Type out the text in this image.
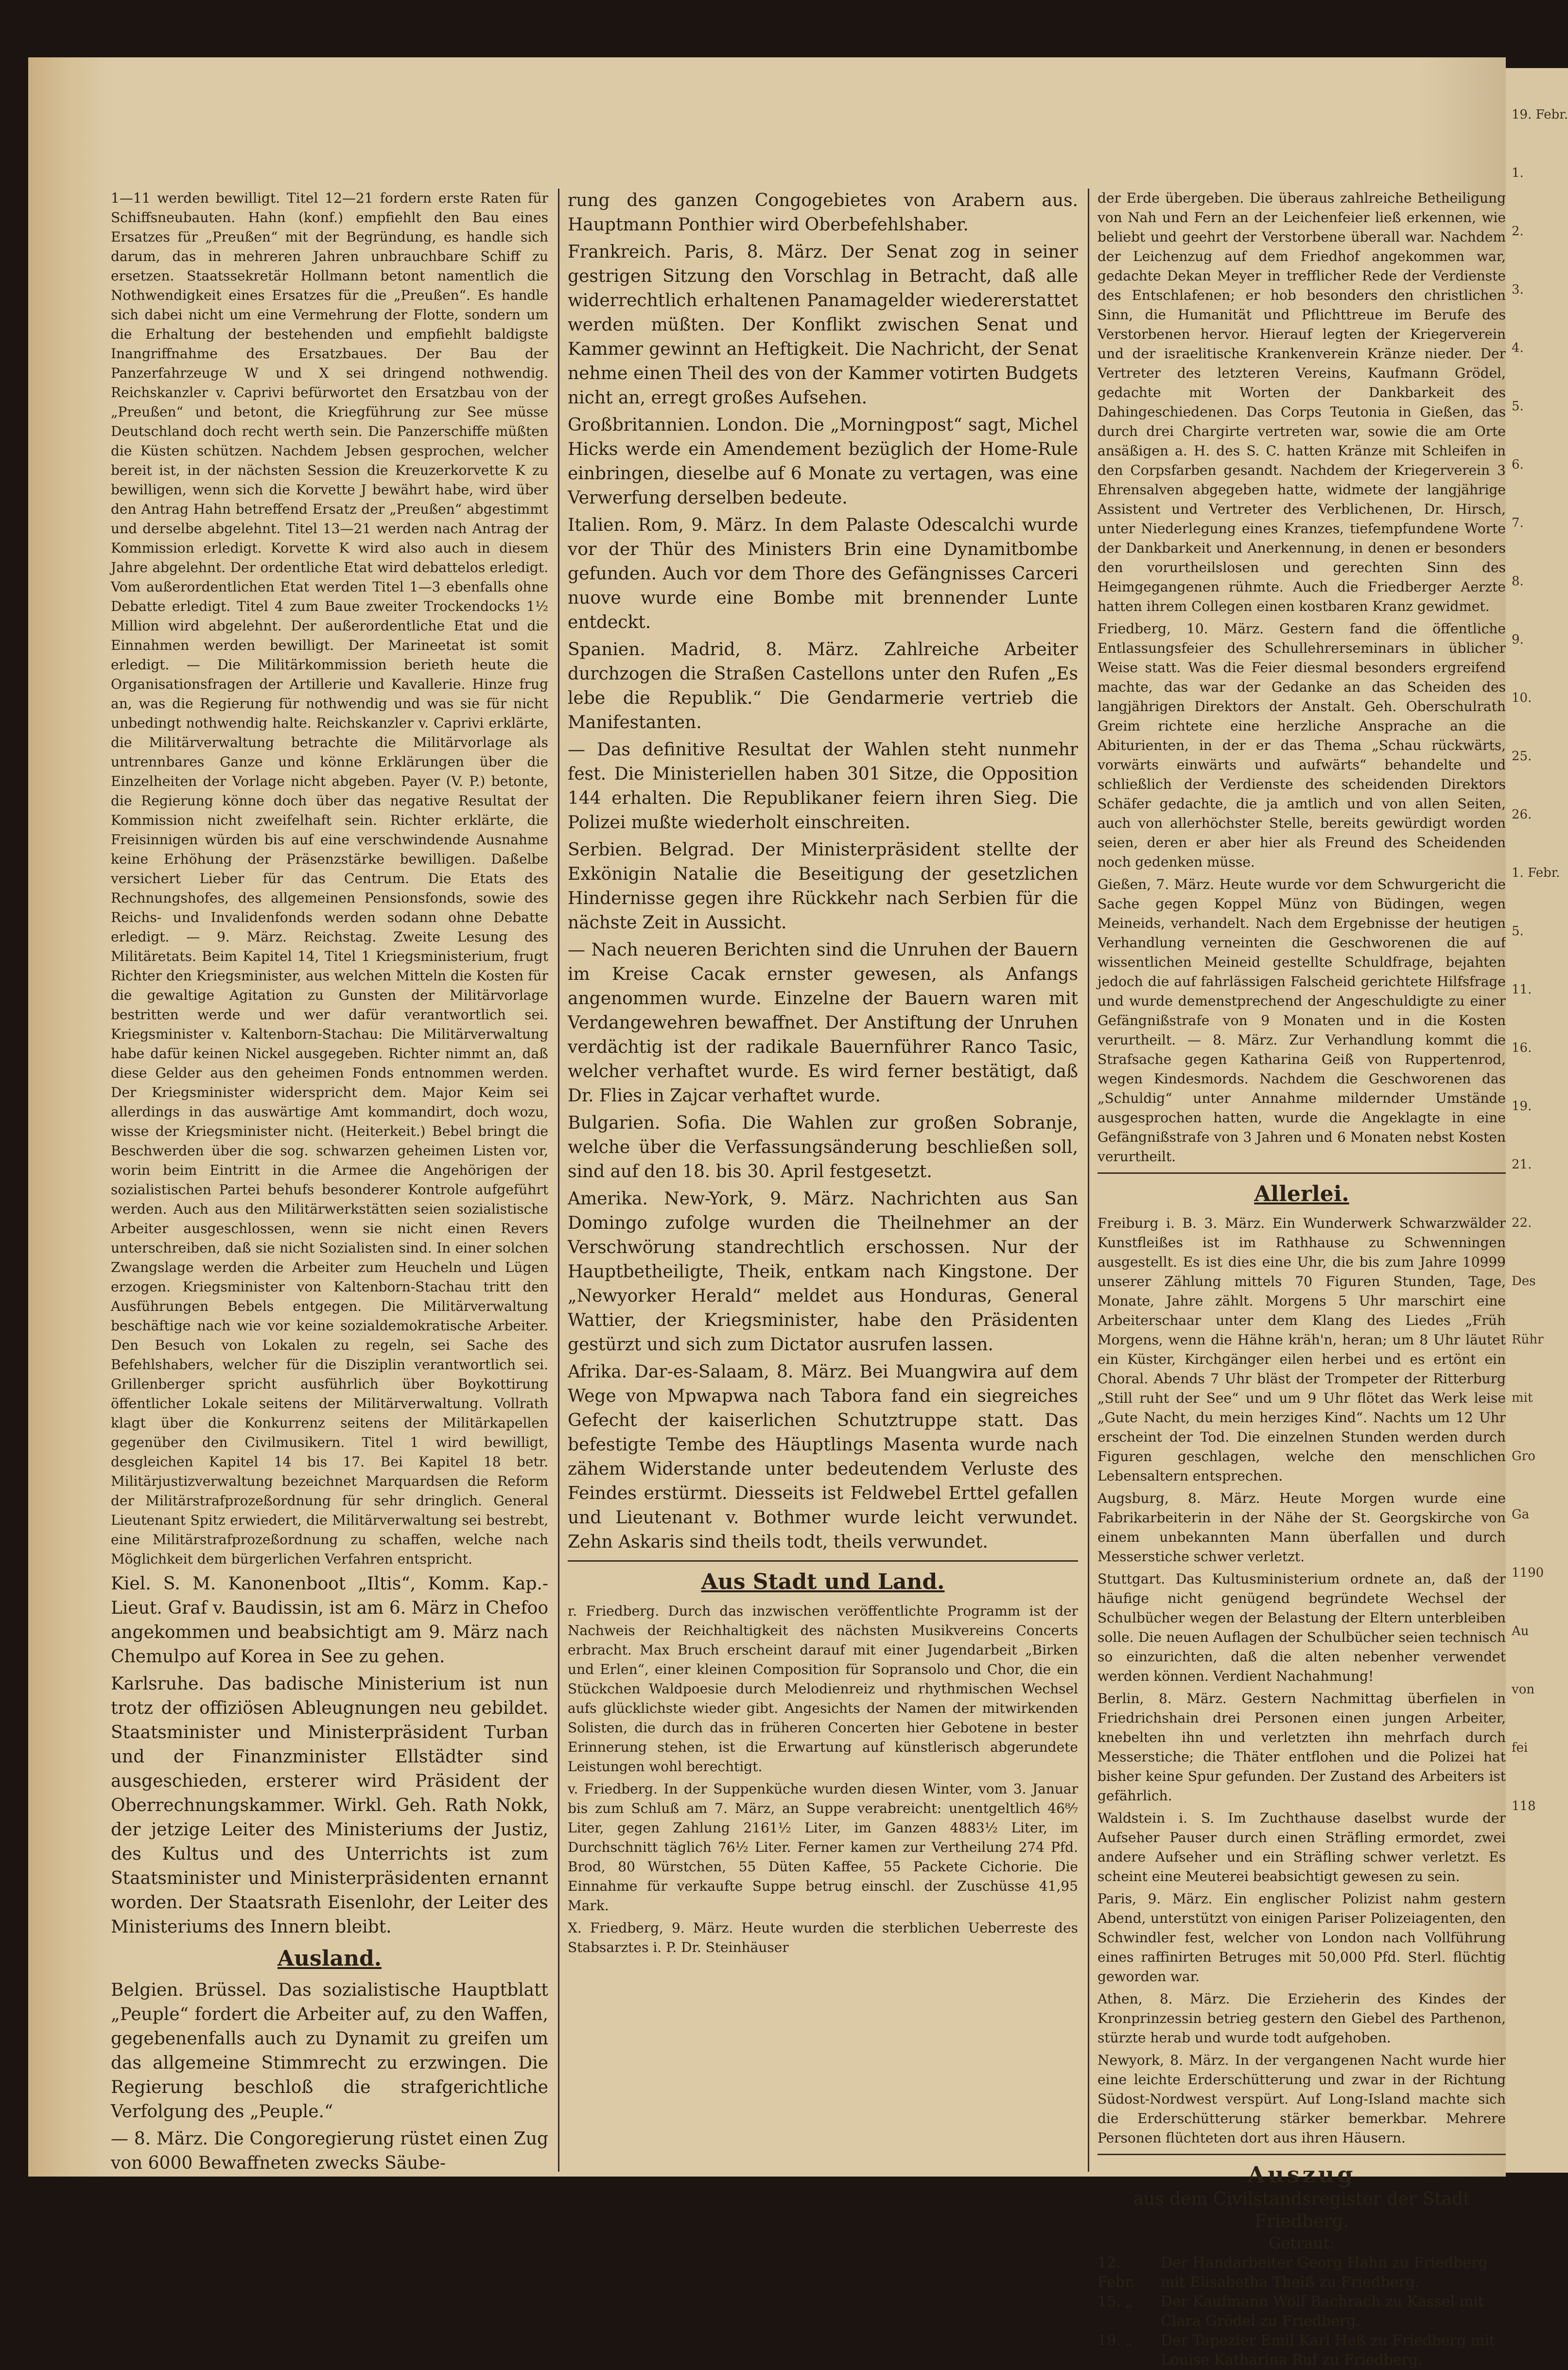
1—11 werden bewilligt. Titel 12—21 fordern erste Raten für Schiffsneubauten. Hahn (konf.) empfiehlt den Bau eines Ersatzes für „Preußen“ mit der Begründung, es handle sich darum, das in mehreren Jahren unbrauchbare Schiff zu ersetzen. Staatssekretär Hollmann betont namentlich die Nothwendigkeit eines Ersatzes für die „Preußen“. Es handle sich dabei nicht um eine Vermehrung der Flotte, sondern um die Erhaltung der bestehenden und empfiehlt baldigste Inangriffnahme des Ersatzbaues. Der Bau der Panzerfahrzeuge W und X sei dringend nothwendig. Reichskanzler v. Caprivi befürwortet den Ersatzbau von der „Preußen“ und betont, die Kriegführung zur See müsse Deutschland doch recht werth sein. Die Panzerschiffe müßten die Küsten schützen. Nachdem Jebsen gesprochen, welcher bereit ist, in der nächsten Session die Kreuzerkorvette K zu bewilligen, wenn sich die Korvette J bewährt habe, wird über den Antrag Hahn betreffend Ersatz der „Preußen“ abgestimmt und derselbe abgelehnt. Titel 13—21 werden nach Antrag der Kommission erledigt. Korvette K wird also auch in diesem Jahre abgelehnt. Der ordentliche Etat wird debattelos erledigt. Vom außerordentlichen Etat werden Titel 1—3 ebenfalls ohne Debatte erledigt. Titel 4 zum Baue zweiter Trockendocks 1½ Million wird abgelehnt. Der außerordentliche Etat und die Einnahmen werden bewilligt. Der Marineetat ist somit erledigt. — Die Militärkommission berieth heute die Organisationsfragen der Artillerie und Kavallerie. Hinze frug an, was die Regierung für nothwendig und was sie für nicht unbedingt nothwendig halte. Reichskanzler v. Caprivi erklärte, die Militärverwaltung betrachte die Militärvorlage als untrennbares Ganze und könne Erklärungen über die Einzelheiten der Vorlage nicht abgeben. Payer (V. P.) betonte, die Regierung könne doch über das negative Resultat der Kommission nicht zweifelhaft sein. Richter erklärte, die Freisinnigen würden bis auf eine verschwindende Ausnahme keine Erhöhung der Präsenzstärke bewilligen. Daßelbe versichert Lieber für das Centrum. Die Etats des Rechnungshofes, des allgemeinen Pensionsfonds, sowie des Reichs- und Invalidenfonds werden sodann ohne Debatte erledigt. — 9. März. Reichstag. Zweite Lesung des Militäretats. Beim Kapitel 14, Titel 1 Kriegsministerium, frugt Richter den Kriegsminister, aus welchen Mitteln die Kosten für die gewaltige Agitation zu Gunsten der Militärvorlage bestritten werde und wer dafür verantwortlich sei. Kriegsminister v. Kaltenborn-Stachau: Die Militärverwaltung habe dafür keinen Nickel ausgegeben. Richter nimmt an, daß diese Gelder aus den geheimen Fonds entnommen werden. Der Kriegsminister widerspricht dem. Major Keim sei allerdings in das auswärtige Amt kommandirt, doch wozu, wisse der Kriegsminister nicht. (Heiterkeit.) Bebel bringt die Beschwerden über die sog. schwarzen geheimen Listen vor, worin beim Eintritt in die Armee die Angehörigen der sozialistischen Partei behufs besonderer Kontrole aufgeführt werden. Auch aus den Militärwerkstätten seien sozialistische Arbeiter ausgeschlossen, wenn sie nicht einen Revers unterschreiben, daß sie nicht Sozialisten sind. In einer solchen Zwangslage werden die Arbeiter zum Heucheln und Lügen erzogen. Kriegsminister von Kaltenborn-Stachau tritt den Ausführungen Bebels entgegen. Die Militärverwaltung beschäftige nach wie vor keine sozialdemokratische Arbeiter. Den Besuch von Lokalen zu regeln, sei Sache des Befehlshabers, welcher für die Disziplin verantwortlich sei. Grillenberger spricht ausführlich über Boykottirung öffentlicher Lokale seitens der Militärverwaltung. Vollrath klagt über die Konkurrenz seitens der Militärkapellen gegenüber den Civilmusikern. Titel 1 wird bewilligt, desgleichen Kapitel 14 bis 17. Bei Kapitel 18 betr. Militärjustizverwaltung bezeichnet Marquardsen die Reform der Militärstrafprozeßordnung für sehr dringlich. General Lieutenant Spitz erwiedert, die Militärverwaltung sei bestrebt, eine Militärstrafprozeßordnung zu schaffen, welche nach Möglichkeit dem bürgerlichen Verfahren entspricht.

Kiel. S. M. Kanonenboot „Iltis“, Komm. Kap.-Lieut. Graf v. Baudissin, ist am 6. März in Chefoo angekommen und beabsichtigt am 9. März nach Chemulpo auf Korea in See zu gehen.

Karlsruhe. Das badische Ministerium ist nun trotz der offiziösen Ableugnungen neu gebildet. Staatsminister und Ministerpräsident Turban und der Finanzminister Ellstädter sind ausgeschieden, ersterer wird Präsident der Oberrechnungskammer. Wirkl. Geh. Rath Nokk, der jetzige Leiter des Ministeriums der Justiz, des Kultus und des Unterrichts ist zum Staatsminister und Ministerpräsidenten ernannt worden. Der Staatsrath Eisenlohr, der Leiter des Ministeriums des Innern bleibt.

Ausland.

Belgien. Brüssel. Das sozialistische Hauptblatt „Peuple“ fordert die Arbeiter auf, zu den Waffen, gegebenenfalls auch zu Dynamit zu greifen um das allgemeine Stimmrecht zu erzwingen. Die Regierung beschloß die strafgerichtliche Verfolgung des „Peuple.“

— 8. März. Die Congoregierung rüstet einen Zug von 6000 Bewaffneten zwecks Säube-

rung des ganzen Congogebietes von Arabern aus. Hauptmann Ponthier wird Oberbefehlshaber.

Frankreich. Paris, 8. März. Der Senat zog in seiner gestrigen Sitzung den Vorschlag in Betracht, daß alle widerrechtlich erhaltenen Panamagelder wiedererstattet werden müßten. Der Konflikt zwischen Senat und Kammer gewinnt an Heftigkeit. Die Nachricht, der Senat nehme einen Theil des von der Kammer votirten Budgets nicht an, erregt großes Aufsehen.

Großbritannien. London. Die „Morningpost“ sagt, Michel Hicks werde ein Amendement bezüglich der Home-Rule einbringen, dieselbe auf 6 Monate zu vertagen, was eine Verwerfung derselben bedeute.

Italien. Rom, 9. März. In dem Palaste Odescalchi wurde vor der Thür des Ministers Brin eine Dynamitbombe gefunden. Auch vor dem Thore des Gefängnisses Carceri nuove wurde eine Bombe mit brennender Lunte entdeckt.

Spanien. Madrid, 8. März. Zahlreiche Arbeiter durchzogen die Straßen Castellons unter den Rufen „Es lebe die Republik.“ Die Gendarmerie vertrieb die Manifestanten.

— Das definitive Resultat der Wahlen steht nunmehr fest. Die Ministeriellen haben 301 Sitze, die Opposition 144 erhalten. Die Republikaner feiern ihren Sieg. Die Polizei mußte wiederholt einschreiten.

Serbien. Belgrad. Der Ministerpräsident stellte der Exkönigin Natalie die Beseitigung der gesetzlichen Hindernisse gegen ihre Rückkehr nach Serbien für die nächste Zeit in Aussicht.

— Nach neueren Berichten sind die Unruhen der Bauern im Kreise Cacak ernster gewesen, als Anfangs angenommen wurde. Einzelne der Bauern waren mit Verdangewehren bewaffnet. Der Anstiftung der Unruhen verdächtig ist der radikale Bauernführer Ranco Tasic, welcher verhaftet wurde. Es wird ferner bestätigt, daß Dr. Flies in Zajcar verhaftet wurde.

Bulgarien. Sofia. Die Wahlen zur großen Sobranje, welche über die Verfassungsänderung beschließen soll, sind auf den 18. bis 30. April festgesetzt.

Amerika. New-York, 9. März. Nachrichten aus San Domingo zufolge wurden die Theilnehmer an der Verschwörung standrechtlich erschossen. Nur der Hauptbetheiligte, Theik, entkam nach Kingstone. Der „Newyorker Herald“ meldet aus Honduras, General Wattier, der Kriegsminister, habe den Präsidenten gestürzt und sich zum Dictator ausrufen lassen.

Afrika. Dar-es-Salaam, 8. März. Bei Muangwira auf dem Wege von Mpwapwa nach Tabora fand ein siegreiches Gefecht der kaiserlichen Schutztruppe statt. Das befestigte Tembe des Häuptlings Masenta wurde nach zähem Widerstande unter bedeutendem Verluste des Feindes erstürmt. Diesseits ist Feldwebel Erttel gefallen und Lieutenant v. Bothmer wurde leicht verwundet. Zehn Askaris sind theils todt, theils verwundet.

Aus Stadt und Land.

r. Friedberg. Durch das inzwischen veröffentlichte Programm ist der Nachweis der Reichhaltigkeit des nächsten Musikvereins Concerts erbracht. Max Bruch erscheint darauf mit einer Jugendarbeit „Birken und Erlen“, einer kleinen Composition für Sopransolo und Chor, die ein Stückchen Waldpoesie durch Melodienreiz und rhythmischen Wechsel aufs glücklichste wieder gibt. Angesichts der Namen der mitwirkenden Solisten, die durch das in früheren Concerten hier Gebotene in bester Erinnerung stehen, ist die Erwartung auf künstlerisch abgerundete Leistungen wohl berechtigt.

v. Friedberg. In der Suppenküche wurden diesen Winter, vom 3. Januar bis zum Schluß am 7. März, an Suppe verabreicht: unentgeltlich 46⁸⁄₇ Liter, gegen Zahlung 2161½ Liter, im Ganzen 4883½ Liter, im Durchschnitt täglich 76½ Liter. Ferner kamen zur Vertheilung 274 Pfd. Brod, 80 Würstchen, 55 Düten Kaffee, 55 Packete Cichorie. Die Einnahme für verkaufte Suppe betrug einschl. der Zuschüsse 41,95 Mark.

X. Friedberg, 9. März. Heute wurden die sterblichen Ueberreste des Stabsarztes i. P. Dr. Steinhäuser

der Erde übergeben. Die überaus zahlreiche Betheiligung von Nah und Fern an der Leichenfeier ließ erkennen, wie beliebt und geehrt der Verstorbene überall war. Nachdem der Leichenzug auf dem Friedhof angekommen war, gedachte Dekan Meyer in trefflicher Rede der Verdienste des Entschlafenen; er hob besonders den christlichen Sinn, die Humanität und Pflichttreue im Berufe des Verstorbenen hervor. Hierauf legten der Kriegerverein und der israelitische Krankenverein Kränze nieder. Der Vertreter des letzteren Vereins, Kaufmann Grödel, gedachte mit Worten der Dankbarkeit des Dahingeschiedenen. Das Corps Teutonia in Gießen, das durch drei Chargirte vertreten war, sowie die am Orte ansäßigen a. H. des S. C. hatten Kränze mit Schleifen in den Corpsfarben gesandt. Nachdem der Kriegerverein 3 Ehrensalven abgegeben hatte, widmete der langjährige Assistent und Vertreter des Verblichenen, Dr. Hirsch, unter Niederlegung eines Kranzes, tiefempfundene Worte der Dankbarkeit und Anerkennung, in denen er besonders den vorurtheilslosen und gerechten Sinn des Heimgegangenen rühmte. Auch die Friedberger Aerzte hatten ihrem Collegen einen kostbaren Kranz gewidmet.

Friedberg, 10. März. Gestern fand die öffentliche Entlassungsfeier des Schullehrerseminars in üblicher Weise statt. Was die Feier diesmal besonders ergreifend machte, das war der Gedanke an das Scheiden des langjährigen Direktors der Anstalt. Geh. Oberschulrath Greim richtete eine herzliche Ansprache an die Abiturienten, in der er das Thema „Schau rückwärts, vorwärts einwärts und aufwärts“ behandelte und schließlich der Verdienste des scheidenden Direktors Schäfer gedachte, die ja amtlich und von allen Seiten, auch von allerhöchster Stelle, bereits gewürdigt worden seien, deren er aber hier als Freund des Scheidenden noch gedenken müsse.

Gießen, 7. März. Heute wurde vor dem Schwurgericht die Sache gegen Koppel Münz von Büdingen, wegen Meineids, verhandelt. Nach dem Ergebnisse der heutigen Verhandlung verneinten die Geschworenen die auf wissentlichen Meineid gestellte Schuldfrage, bejahten jedoch die auf fahrlässigen Falscheid gerichtete Hilfsfrage und wurde demenstprechend der Angeschuldigte zu einer Gefängnißstrafe von 9 Monaten und in die Kosten verurtheilt. — 8. März. Zur Verhandlung kommt die Strafsache gegen Katharina Geiß von Ruppertenrod, wegen Kindesmords. Nachdem die Geschworenen das „Schuldig“ unter Annahme mildernder Umstände ausgesprochen hatten, wurde die Angeklagte in eine Gefängnißstrafe von 3 Jahren und 6 Monaten nebst Kosten verurtheilt.

Allerlei.

Freiburg i. B. 3. März. Ein Wunderwerk Schwarzwälder Kunstfleißes ist im Rathhause zu Schwenningen ausgestellt. Es ist dies eine Uhr, die bis zum Jahre 10999 unserer Zählung mittels 70 Figuren Stunden, Tage, Monate, Jahre zählt. Morgens 5 Uhr marschirt eine Arbeiterschaar unter dem Klang des Liedes „Früh Morgens, wenn die Hähne kräh'n, heran; um 8 Uhr läutet ein Küster, Kirchgänger eilen herbei und es ertönt ein Choral. Abends 7 Uhr bläst der Trompeter der Ritterburg „Still ruht der See“ und um 9 Uhr flötet das Werk leise „Gute Nacht, du mein herziges Kind“. Nachts um 12 Uhr erscheint der Tod. Die einzelnen Stunden werden durch Figuren geschlagen, welche den menschlichen Lebensaltern entsprechen.

Augsburg, 8. März. Heute Morgen wurde eine Fabrikarbeiterin in der Nähe der St. Georgskirche von einem unbekannten Mann überfallen und durch Messerstiche schwer verletzt.

Stuttgart. Das Kultusministerium ordnete an, daß der häufige nicht genügend begründete Wechsel der Schulbücher wegen der Belastung der Eltern unterbleiben solle. Die neuen Auflagen der Schulbücher seien technisch so einzurichten, daß die alten nebenher verwendet werden können. Verdient Nachahmung!

Berlin, 8. März. Gestern Nachmittag überfielen in Friedrichshain drei Personen einen jungen Arbeiter, knebelten ihn und verletzten ihn mehrfach durch Messerstiche; die Thäter entflohen und die Polizei hat bisher keine Spur gefunden. Der Zustand des Arbeiters ist gefährlich.

Waldstein i. S. Im Zuchthause daselbst wurde der Aufseher Pauser durch einen Sträfling ermordet, zwei andere Aufseher und ein Sträfling schwer verletzt. Es scheint eine Meuterei beabsichtigt gewesen zu sein.

Paris, 9. März. Ein englischer Polizist nahm gestern Abend, unterstützt von einigen Pariser Polizeiagenten, den Schwindler fest, welcher von London nach Vollführung eines raffinirten Betruges mit 50,000 Pfd. Sterl. flüchtig geworden war.

Athen, 8. März. Die Erzieherin des Kindes der Kronprinzessin betrieg gestern den Giebel des Parthenon, stürzte herab und wurde todt aufgehoben.

Newyork, 8. März. In der vergangenen Nacht wurde hier eine leichte Erderschütterung und zwar in der Richtung Südost-Nordwest verspürt. Auf Long-Island machte sich die Erderschütterung stärker bemerkbar. Mehrere Personen flüchteten dort aus ihren Häusern.

Auszug
aus dem Civilstandsregister der Stadt Friedberg.
Getraut:
12. Febr.
Der Handarbeiter Georg Hahn zu Friedberg mit Elisabetha Theiß zu Friedberg.
15. „	Der Kaufmann Wolf Bachrach zu Kassel mit Clara Grödel zu Friedberg.
19. „	Der Tapezier Emil Karl Heß zu Friedberg mit Louise Katharina Ruf zu Friedberg.
19. Febr.
1.
2.
3.
4.
5.
6.
7.
8.
9.
10.
25.
26.
1. Febr.
5.
11.
16.
19.
21.
22.
Des
Rühr
mit
Gro
Ga
1190
Au
von
fei
118
